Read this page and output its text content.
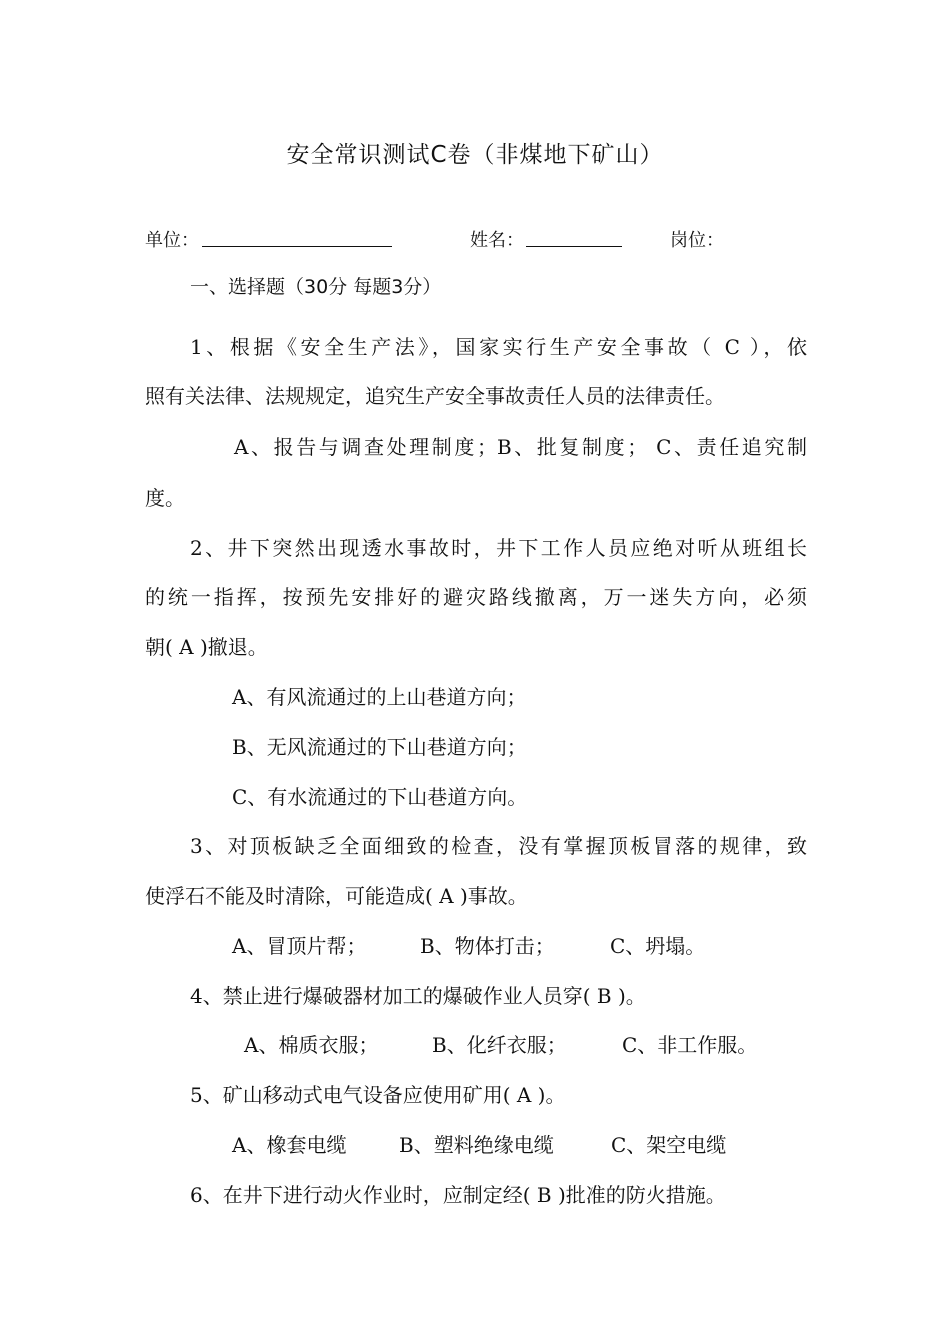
安全常识测试C卷（非煤地下矿山）
单位：	姓名：	岗位：
一、选择题（30分 每题3分）
1、根据《安全生产法》，国家实行生产安全事故（ C ），依
照有关法律、法规规定，追究生产安全事故责任人员的法律责任。
A、报告与调查处理制度；B、批复制度； C、责任追究制
度。
2、井下突然出现透水事故时，井下工作人员应绝对听从班组长
的统一指挥，按预先安排好的避灾路线撤离，万一迷失方向，必须
朝( A )撤退。
A、有风流通过的上山巷道方向；
B、无风流通过的下山巷道方向；
C、有水流通过的下山巷道方向。
3、对顶板缺乏全面细致的检查，没有掌握顶板冒落的规律，致
使浮石不能及时清除，可能造成( A )事故。
A、冒顶片帮；	B、物体打击；	C、坍塌。
4、禁止进行爆破器材加工的爆破作业人员穿( B )。
A、棉质衣服；	B、化纤衣服；	C、非工作服。
5、矿山移动式电气设备应使用矿用( A )。
A、橡套电缆	B、塑料绝缘电缆	C、架空电缆
6、在井下进行动火作业时，应制定经( B )批准的防火措施。
